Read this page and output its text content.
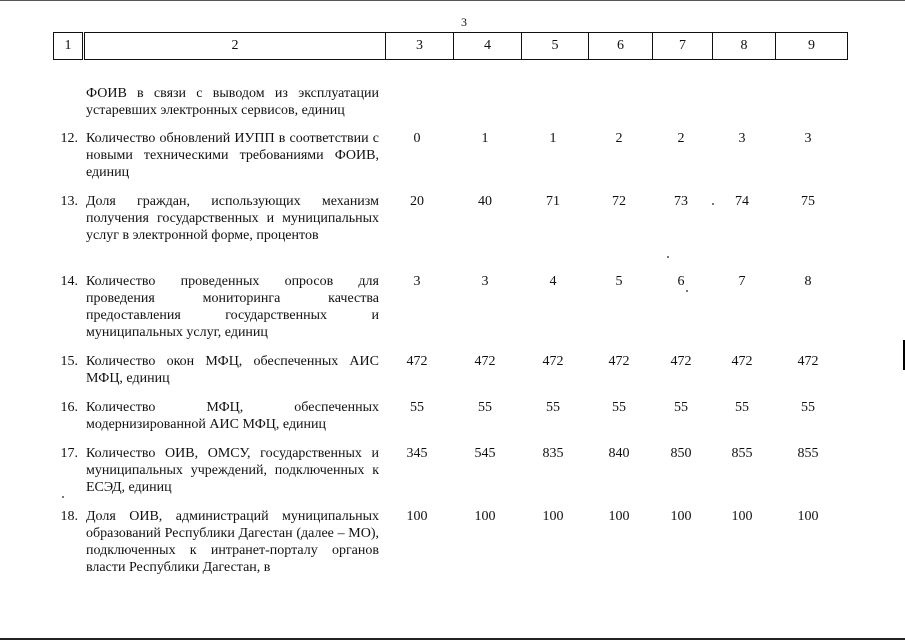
3
1	2	3	4	5	6	7	8	9
ФОИВ в связи с выводом из эксплуатации устаревших электронных сервисов, единиц
12. Количество обновлений ИУПП в соответствии с новыми техническими требованиями ФОИВ, единиц
0	1	1	2	2	3	3
13. Доля граждан, использующих механизм получения государственных и муниципальных услуг в электронной форме, процентов
20	40	71	72	73	74	75
14. Количество проведенных опросов для проведения мониторинга качества предоставления государственных и муниципальных услуг, единиц
3	3	4	5	6	7	8
15. Количество окон МФЦ, обеспеченных АИС МФЦ, единиц
472	472	472	472	472	472	472
16. Количество МФЦ, обеспеченных модернизированной АИС МФЦ, единиц
55	55	55	55	55	55	55
17. Количество ОИВ, ОМСУ, государственных и муниципальных учреждений, подключенных к ЕСЭД, единиц
345	545	835	840	850	855	855
18. Доля ОИВ, администраций муниципальных образований Республики Дагестан (далее – МО), подключенных к интранет-порталу органов власти Республики Дагестан, в
100	100	100	100	100	100	100
